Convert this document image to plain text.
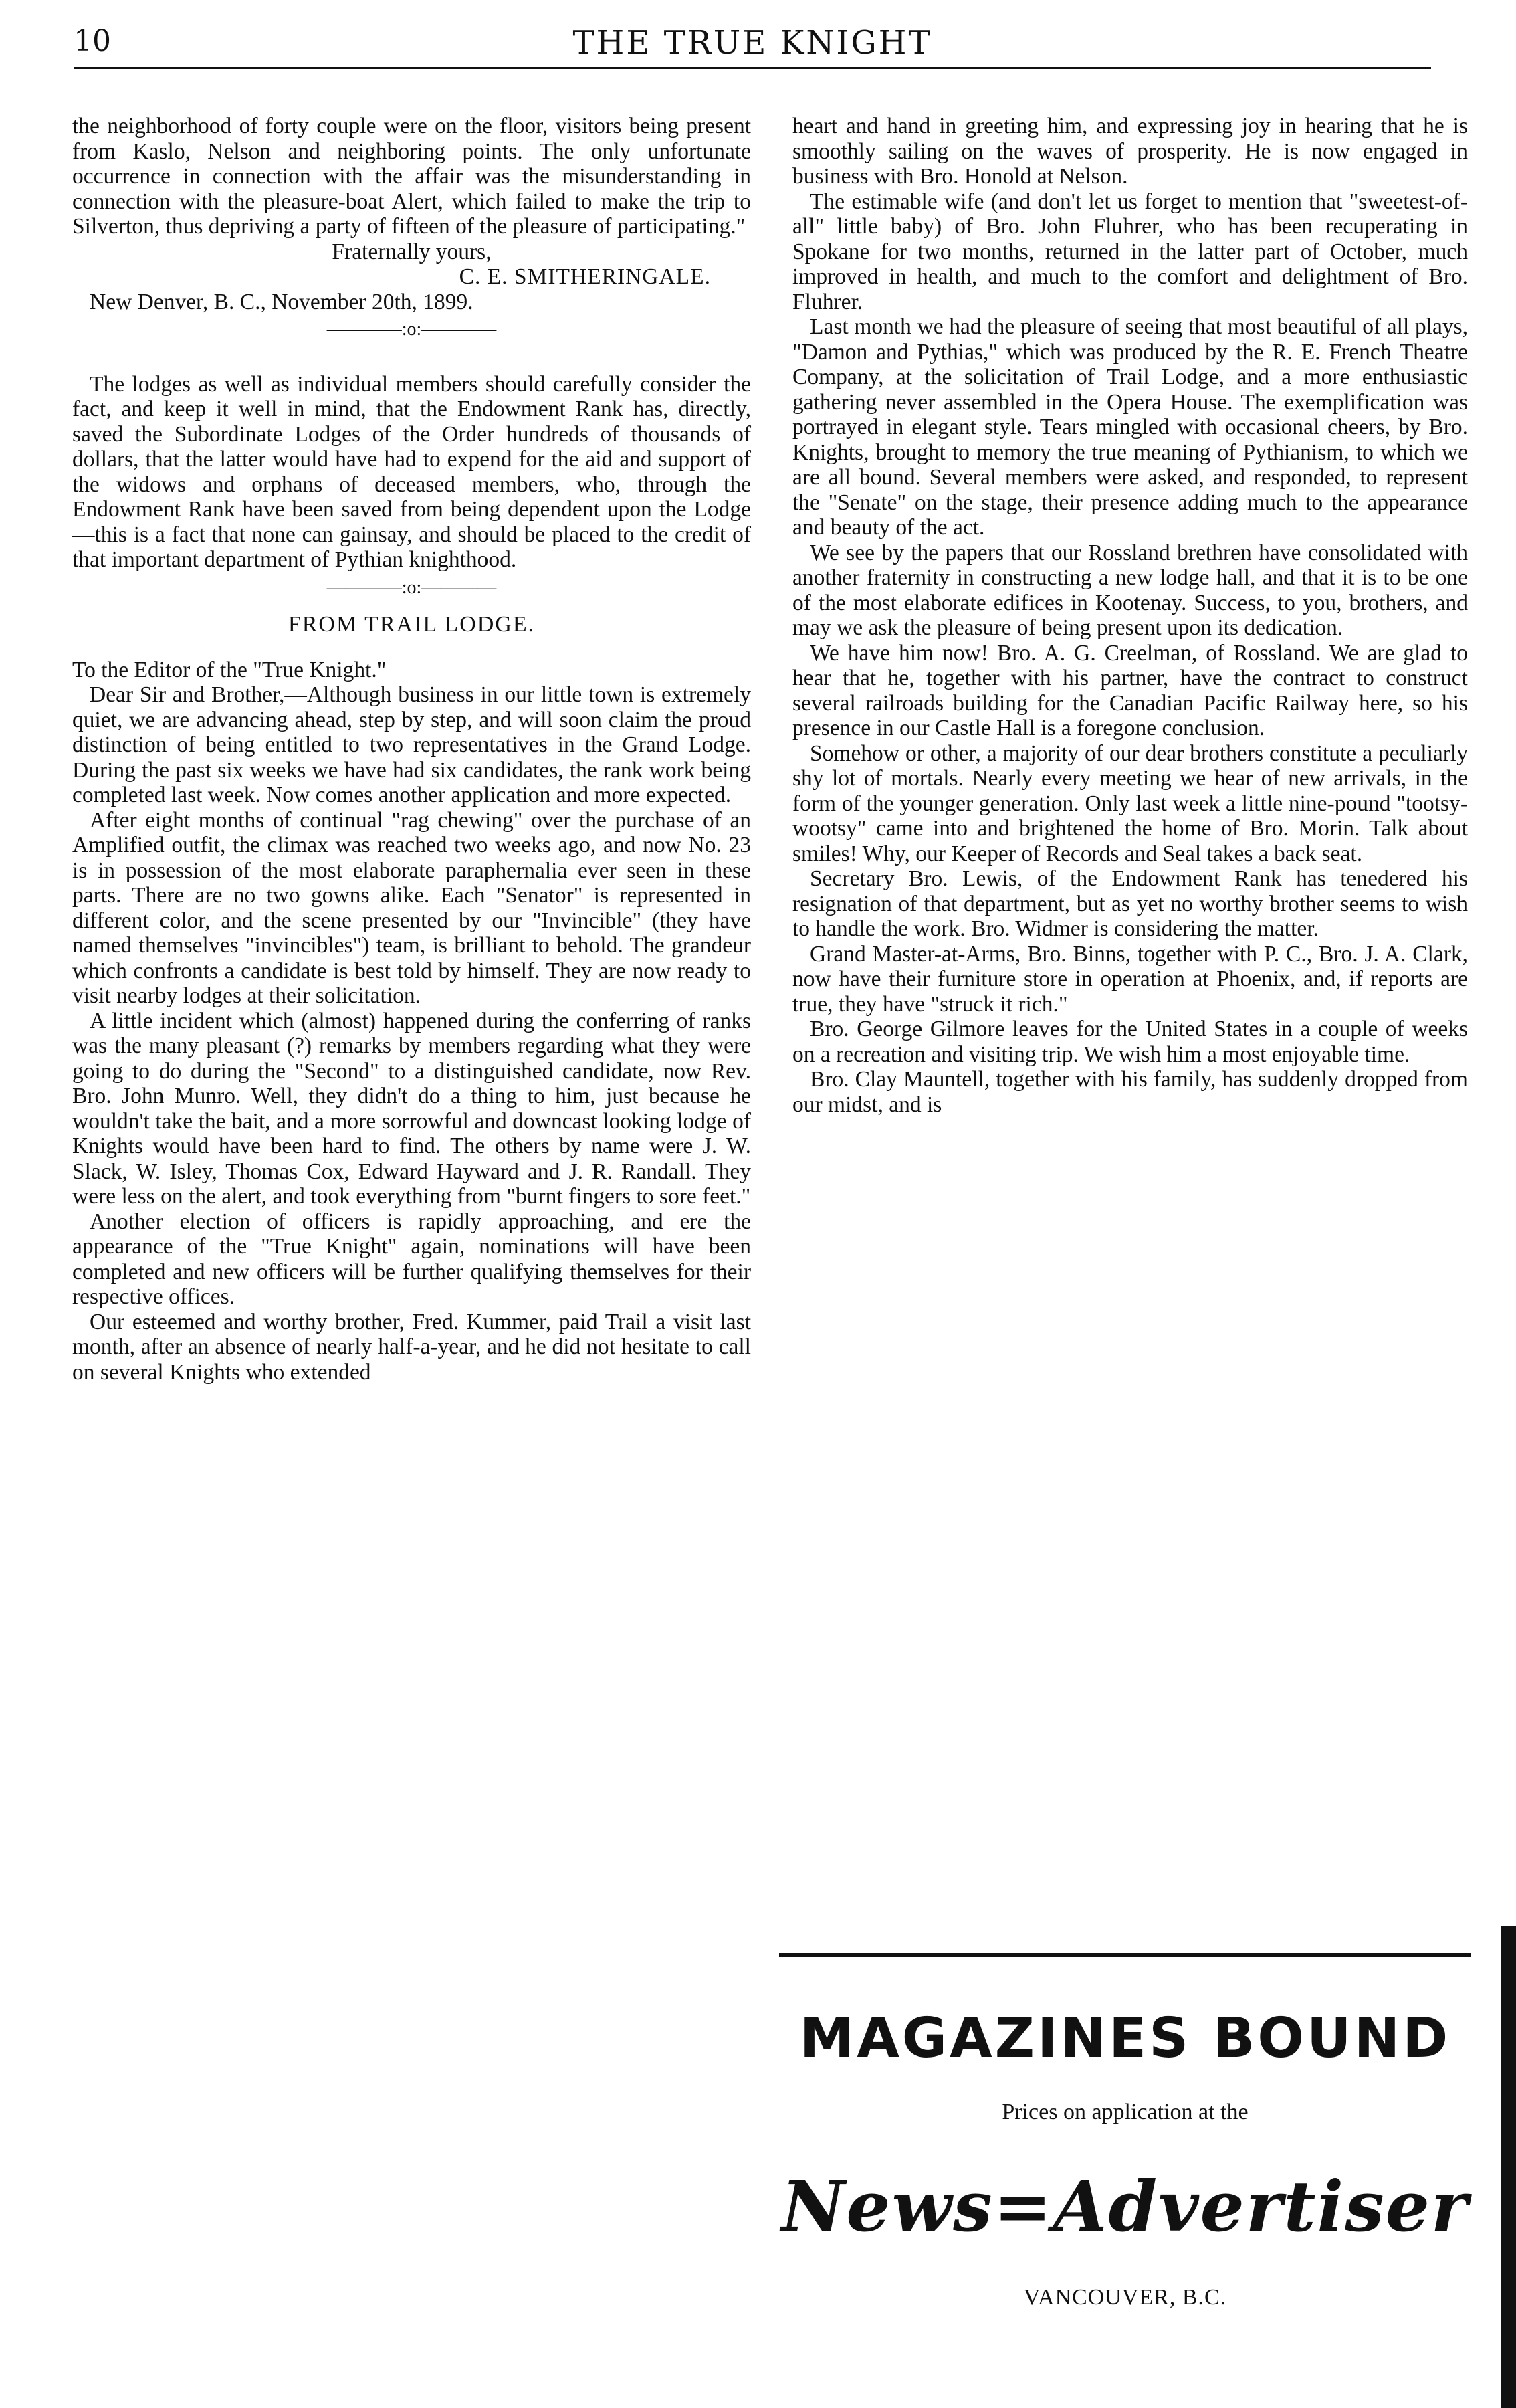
10	THE TRUE KNIGHT

the neighborhood of forty couple were on the floor, visitors being present from Kaslo, Nelson and neighboring points. The only unfortunate occurrence in connection with the affair was the misunderstanding in connection with the pleasure-boat Alert, which failed to make the trip to Silverton, thus depriving a party of fifteen of the pleasure of participating."

Fraternally yours,

C. E. SMITHERINGALE.

New Denver, B. C., November 20th, 1899.

————:o:————

The lodges as well as individual members should carefully consider the fact, and keep it well in mind, that the Endowment Rank has, directly, saved the Subordinate Lodges of the Order hundreds of thousands of dollars, that the latter would have had to expend for the aid and support of the widows and orphans of deceased members, who, through the Endowment Rank have been saved from being dependent upon the Lodge—this is a fact that none can gainsay, and should be placed to the credit of that important department of Pythian knighthood.

————:o:————

FROM TRAIL LODGE.

To the Editor of the "True Knight."

Dear Sir and Brother,—Although business in our little town is extremely quiet, we are advancing ahead, step by step, and will soon claim the proud distinction of being entitled to two representatives in the Grand Lodge. During the past six weeks we have had six candidates, the rank work being completed last week. Now comes another application and more expected.

After eight months of continual "rag chewing" over the purchase of an Amplified outfit, the climax was reached two weeks ago, and now No. 23 is in possession of the most elaborate paraphernalia ever seen in these parts. There are no two gowns alike. Each "Senator" is represented in different color, and the scene presented by our "Invincible" (they have named themselves "invincibles") team, is brilliant to behold. The grandeur which confronts a candidate is best told by himself. They are now ready to visit nearby lodges at their solicitation.

A little incident which (almost) happened during the conferring of ranks was the many pleasant (?) remarks by members regarding what they were going to do during the "Second" to a distinguished candidate, now Rev. Bro. John Munro. Well, they didn't do a thing to him, just because he wouldn't take the bait, and a more sorrowful and downcast looking lodge of Knights would have been hard to find. The others by name were J. W. Slack, W. Isley, Thomas Cox, Edward Hayward and J. R. Randall. They were less on the alert, and took everything from "burnt fingers to sore feet."

Another election of officers is rapidly approaching, and ere the appearance of the "True Knight" again, nominations will have been completed and new officers will be further qualifying themselves for their respective offices.

Our esteemed and worthy brother, Fred. Kummer, paid Trail a visit last month, after an absence of nearly half-a-year, and he did not hesitate to call on several Knights who extended

heart and hand in greeting him, and expressing joy in hearing that he is smoothly sailing on the waves of prosperity. He is now engaged in business with Bro. Honold at Nelson.

The estimable wife (and don't let us forget to mention that "sweetest-of-all" little baby) of Bro. John Fluhrer, who has been recuperating in Spokane for two months, returned in the latter part of October, much improved in health, and much to the comfort and delightment of Bro. Fluhrer.

Last month we had the pleasure of seeing that most beautiful of all plays, "Damon and Pythias," which was produced by the R. E. French Theatre Company, at the solicitation of Trail Lodge, and a more enthusiastic gathering never assembled in the Opera House. The exemplification was portrayed in elegant style. Tears mingled with occasional cheers, by Bro. Knights, brought to memory the true meaning of Pythianism, to which we are all bound. Several members were asked, and responded, to represent the "Senate" on the stage, their presence adding much to the appearance and beauty of the act.

We see by the papers that our Rossland brethren have consolidated with another fraternity in constructing a new lodge hall, and that it is to be one of the most elaborate edifices in Kootenay. Success, to you, brothers, and may we ask the pleasure of being present upon its dedication.

We have him now! Bro. A. G. Creelman, of Rossland. We are glad to hear that he, together with his partner, have the contract to construct several railroads building for the Canadian Pacific Railway here, so his presence in our Castle Hall is a foregone conclusion.

Somehow or other, a majority of our dear brothers constitute a peculiarly shy lot of mortals. Nearly every meeting we hear of new arrivals, in the form of the younger generation. Only last week a little nine-pound "tootsy-wootsy" came into and brightened the home of Bro. Morin. Talk about smiles! Why, our Keeper of Records and Seal takes a back seat.

Secretary Bro. Lewis, of the Endowment Rank has tenedered his resignation of that department, but as yet no worthy brother seems to wish to handle the work. Bro. Widmer is considering the matter.

Grand Master-at-Arms, Bro. Binns, together with P. C., Bro. J. A. Clark, now have their furniture store in operation at Phoenix, and, if reports are true, they have "struck it rich."

Bro. George Gilmore leaves for the United States in a couple of weeks on a recreation and visiting trip. We wish him a most enjoyable time.

Bro. Clay Mauntell, together with his family, has suddenly dropped from our midst, and is

MAGAZINES BOUND
Prices on application at the
News=Advertiser
VANCOUVER, B.C.
